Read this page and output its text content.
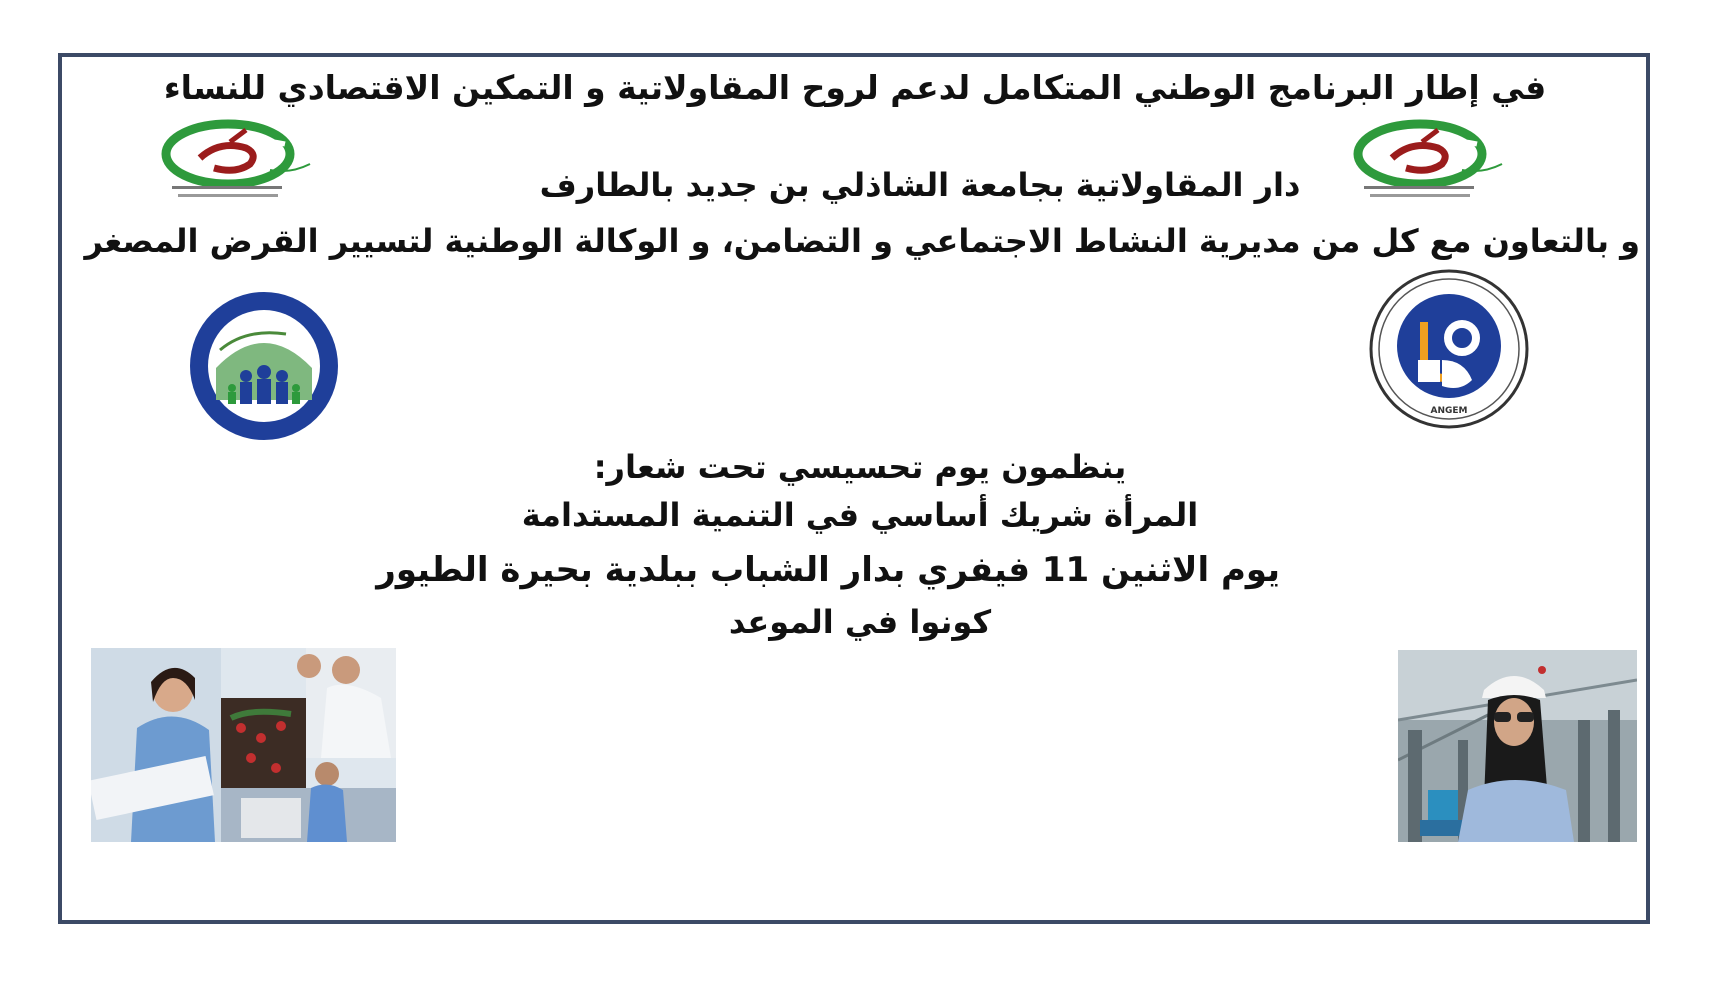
في إطار البرنامج الوطني المتكامل لدعم لروح المقاولاتية و التمكين الاقتصادي للنساء
دار المقاولاتية بجامعة الشاذلي بن جديد بالطارف
و بالتعاون مع كل من مديرية النشاط الاجتماعي و التضامن، و الوكالة الوطنية لتسيير القرض المصغر
ينظمون يوم تحسيسي تحت شعار:
المرأة شريك أساسي في التنمية المستدامة
يوم الاثنين 11 فيفري بدار الشباب ببلدية بحيرة الطيور
كونوا في الموعد
ANGEM
